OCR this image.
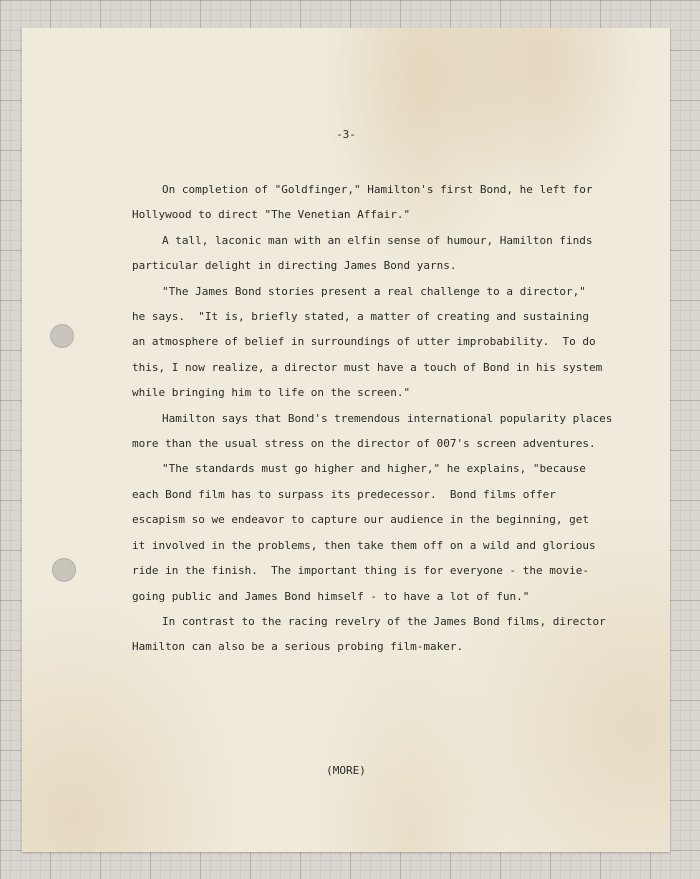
-3-

On completion of "Goldfinger," Hamilton's first Bond, he left for
Hollywood to direct "The Venetian Affair."

A tall, laconic man with an elfin sense of humour, Hamilton finds
particular delight in directing James Bond yarns.

"The James Bond stories present a real challenge to a director,"
he says.  "It is, briefly stated, a matter of creating and sustaining
an atmosphere of belief in surroundings of utter improbability.  To do
this, I now realize, a director must have a touch of Bond in his system
while bringing him to life on the screen."

Hamilton says that Bond's tremendous international popularity places
more than the usual stress on the director of 007's screen adventures.

"The standards must go higher and higher," he explains, "because
each Bond film has to surpass its predecessor.  Bond films offer
escapism so we endeavor to capture our audience in the beginning, get
it involved in the problems, then take them off on a wild and glorious
ride in the finish.  The important thing is for everyone - the movie-
going public and James Bond himself - to have a lot of fun."

In contrast to the racing revelry of the James Bond films, director
Hamilton can also be a serious probing film-maker.

(MORE)
